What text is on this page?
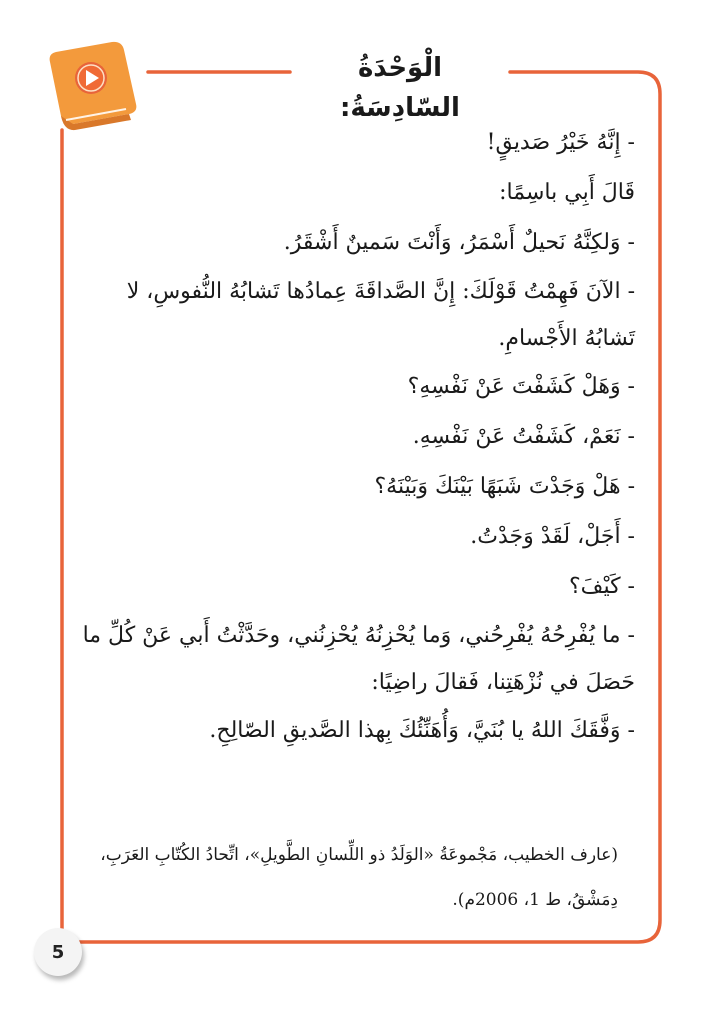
الْوَحْدَةُ السّادِسَةُ:

- إِنَّهُ خَيْرُ صَديقٍ!

قَالَ أَبِي باسِمًا:

- وَلكِنَّهُ نَحيلٌ أَسْمَرُ، وَأَنْتَ سَمينٌ أَشْقَرُ.

- الآنَ فَهِمْتُ قَوْلَكَ: إِنَّ الصَّداقَةَ عِمادُها تَشابُهُ النُّفوسِ، لا تَشابُهُ الأَجْسامِ.

- وَهَلْ كَشَفْتَ عَنْ نَفْسِهِ؟

- نَعَمْ، كَشَفْتُ عَنْ نَفْسِهِ.

- هَلْ وَجَدْتَ شَبَهًا بَيْنَكَ وَبَيْنَهُ؟

- أَجَلْ، لَقَدْ وَجَدْتُ.

- كَيْفَ؟

- ما يُفْرِحُهُ يُفْرِحُني، وَما يُحْزِنُهُ يُحْزِنُني، وحَدَّثْتُ أَبي عَنْ كُلِّ ما حَصَلَ في نُزْهَتِنا، فَقالَ راضِيًا:

- وَفَّقَكَ اللهُ يا بُنَيَّ، وَأُهَنِّئُكَ بِهذا الصَّديقِ الصّالِحِ.

(عارف الخطيب، مَجْموعَةُ «الوَلَدُ ذو اللِّسانِ الطَّويلِ»، اتِّحادُ الكُتّابِ العَرَبِ، دِمَشْقُ، ط 1، 2006م).
5
